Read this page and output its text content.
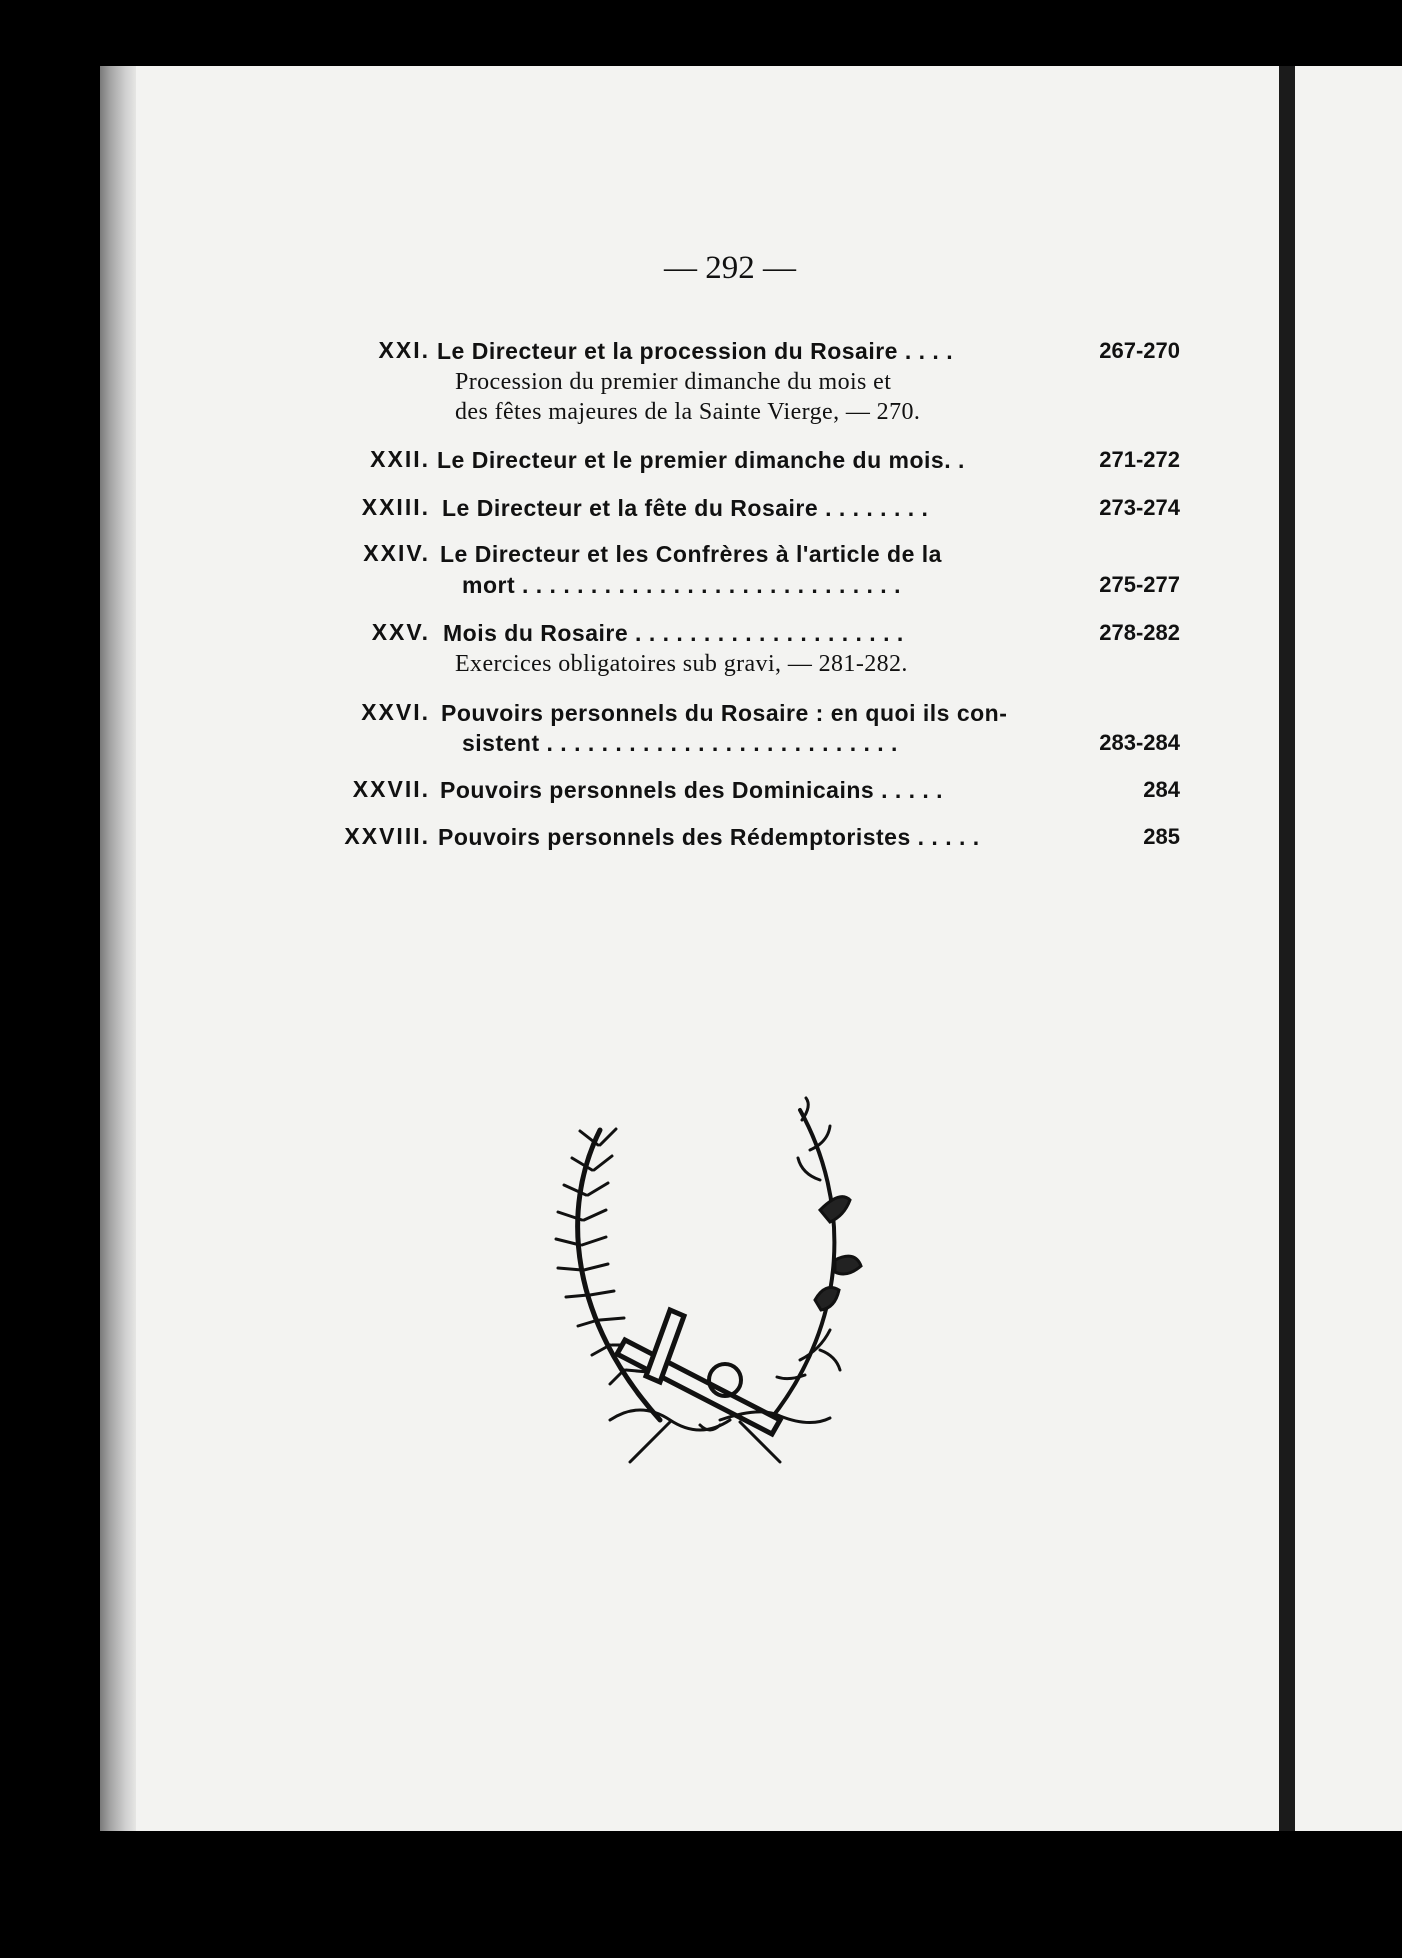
— 292 —
XXI. Le Directeur et la procession du Rosaire . . . .	267-270
Procession du premier dimanche du mois et
des fêtes majeures de la Sainte Vierge, — 270.
XXII. Le Directeur et le premier dimanche du mois. .	271-272
XXIII. Le Directeur et la fête du Rosaire . . . . . . . .	273-274
XXIV. Le Directeur et les Confrères à l'article de la
mort . . . . . . . . . . . . . . . . . . . . . . . . . . . .	275-277
XXV. Mois du Rosaire . . . . . . . . . . . . . . . . . . . .	278-282
Exercices obligatoires sub gravi, — 281-282.
XXVI. Pouvoirs personnels du Rosaire : en quoi ils con-
sistent . . . . . . . . . . . . . . . . . . . . . . . . . .	283-284
XXVII. Pouvoirs personnels des Dominicains . . . . .	284
XXVIII. Pouvoirs personnels des Rédemptoristes . . . . .	285
